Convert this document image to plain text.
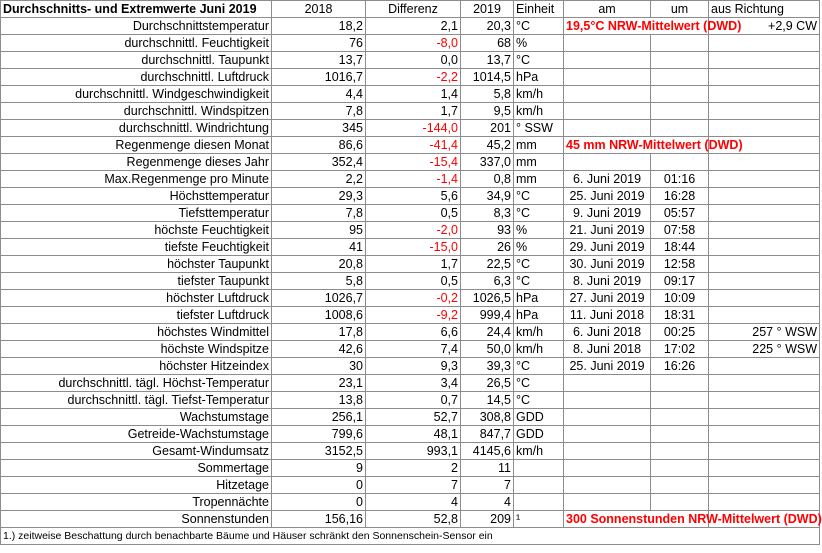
Durchschnitts- und Extremwerte Juni 2019	2018	Differenz	2019	Einheit	am	um	aus Richtung
Durchschnittstemperatur	18,2	2,1	20,3	°C	19,5°C NRW-Mittelwert (DWD)		+2,9 CW
durchschnittl. Feuchtigkeit	76	-8,0	68	%			
durchschnittl. Taupunkt	13,7	0,0	13,7	°C			
durchschnittl. Luftdruck	1016,7	-2,2	1014,5	hPa			
durchschnittl. Windgeschwindigkeit	4,4	1,4	5,8	km/h			
durchschnittl. Windspitzen	7,8	1,7	9,5	km/h			
durchschnittl. Windrichtung	345	-144,0	201	° SSW			
Regenmenge diesen Monat	86,6	-41,4	45,2	mm	45 mm NRW-Mittelwert (DWD)		
Regenmenge dieses Jahr	352,4	-15,4	337,0	mm			
Max.Regenmenge pro Minute	2,2	-1,4	0,8	mm	6. Juni 2019	01:16	
Höchsttemperatur	29,3	5,6	34,9	°C	25. Juni 2019	16:28	
Tiefsttemperatur	7,8	0,5	8,3	°C	9. Juni 2019	05:57	
höchste Feuchtigkeit	95	-2,0	93	%	21. Juni 2019	07:58	
tiefste Feuchtigkeit	41	-15,0	26	%	29. Juni 2019	18:44	
höchster Taupunkt	20,8	1,7	22,5	°C	30. Juni 2019	12:58	
tiefster Taupunkt	5,8	0,5	6,3	°C	8. Juni 2019	09:17	
höchster Luftdruck	1026,7	-0,2	1026,5	hPa	27. Juni 2019	10:09	
tiefster Luftdruck	1008,6	-9,2	999,4	hPa	11. Juni 2018	18:31	
höchstes Windmittel	17,8	6,6	24,4	km/h	6. Juni 2018	00:25	257 ° WSW
höchste Windspitze	42,6	7,4	50,0	km/h	8. Juni 2018	17:02	225 ° WSW
höchster Hitzeindex	30	9,3	39,3	°C	25. Juni 2019	16:26	
durchschnittl. tägl. Höchst-Temperatur	23,1	3,4	26,5	°C			
durchschnittl. tägl. Tiefst-Temperatur	13,8	0,7	14,5	°C			
Wachstumstage	256,1	52,7	308,8	GDD			
Getreide-Wachstumstage	799,6	48,1	847,7	GDD			
Gesamt-Windumsatz	3152,5	993,1	4145,6	km/h			
Sommertage	9	2	11				
Hitzetage	0	7	7				
Tropennächte	0	4	4				
Sonnenstunden	156,16	52,8	209	¹	300 Sonnenstunden NRW-Mittelwert (DWD)		
1.) zeitweise Beschattung durch benachbarte Bäume und Häuser schränkt den Sonnenschein-Sensor ein							
